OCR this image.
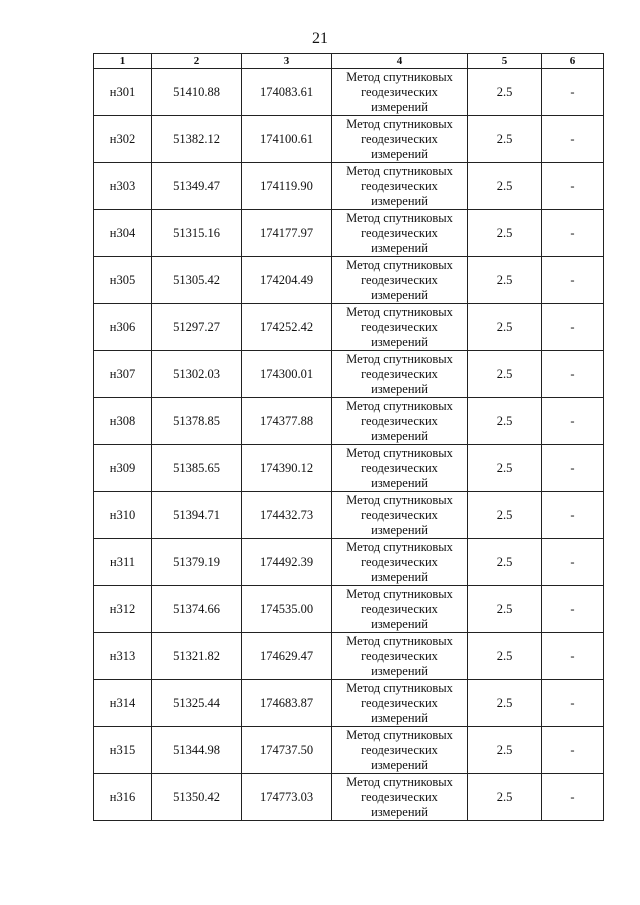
21
1	2	3	4	5	6
н301	51410.88	174083.61	Метод спутниковых
геодезических
измерений	2.5	-
н302	51382.12	174100.61	Метод спутниковых
геодезических
измерений	2.5	-
н303	51349.47	174119.90	Метод спутниковых
геодезических
измерений	2.5	-
н304	51315.16	174177.97	Метод спутниковых
геодезических
измерений	2.5	-
н305	51305.42	174204.49	Метод спутниковых
геодезических
измерений	2.5	-
н306	51297.27	174252.42	Метод спутниковых
геодезических
измерений	2.5	-
н307	51302.03	174300.01	Метод спутниковых
геодезических
измерений	2.5	-
н308	51378.85	174377.88	Метод спутниковых
геодезических
измерений	2.5	-
н309	51385.65	174390.12	Метод спутниковых
геодезических
измерений	2.5	-
н310	51394.71	174432.73	Метод спутниковых
геодезических
измерений	2.5	-
н311	51379.19	174492.39	Метод спутниковых
геодезических
измерений	2.5	-
н312	51374.66	174535.00	Метод спутниковых
геодезических
измерений	2.5	-
н313	51321.82	174629.47	Метод спутниковых
геодезических
измерений	2.5	-
н314	51325.44	174683.87	Метод спутниковых
геодезических
измерений	2.5	-
н315	51344.98	174737.50	Метод спутниковых
геодезических
измерений	2.5	-
н316	51350.42	174773.03	Метод спутниковых
геодезических
измерений	2.5	-
